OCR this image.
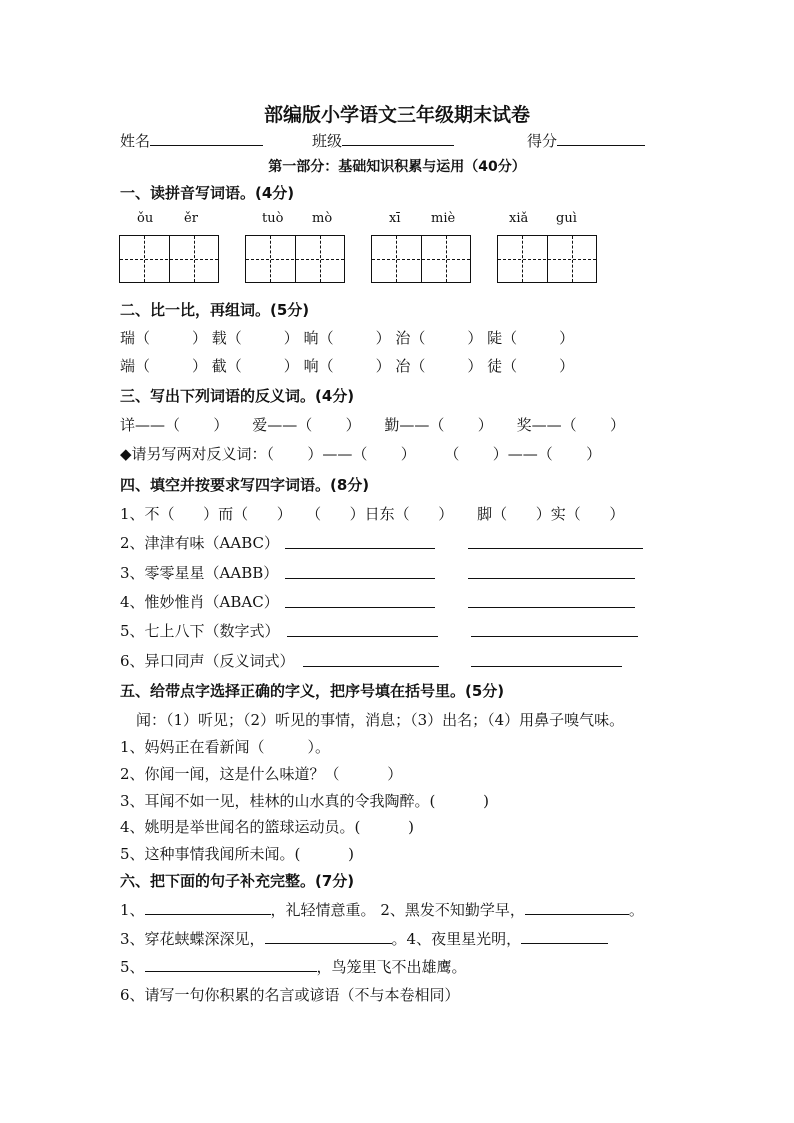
部编版小学语文三年级期末试卷
姓名	班级	得分
第一部分：基础知识积累与运用（40分）
一、读拼音写词语。(4分)
ǒu ěr	tuò mò	xī miè	xiǎ guì
二、比一比，再组词。(5分)
瑞（	） 载（	） 晌（	） 治（	） 陡（	）
端（	） 截（	） 响（	） 冶（	） 徒（	）
三、写出下列词语的反义词。(4分)
详——（       ）     爱——（       ）     勤——（       ）     奖——（       ）
◆请另写两对反义词：（       ）——（       ）      （       ）——（       ）
四、填空并按要求写四字词语。(8分)
1、不（      ）而（      ）   （      ）日东（      ）     脚（      ）实（      ）
2、津津有味（AABC）
3、零零星星（AABB）
4、惟妙惟肖（ABAC）
5、七上八下（数字式）
6、异口同声（反义词式）
五、给带点字选择正确的字义，把序号填在括号里。(5分)
闻：（1）听见；（2）听见的事情，消息；（3）出名；（4）用鼻子嗅气味。
1、妈妈正在看新闻（         ）。
2、你闻一闻，这是什么味道？（          ）
3、耳闻不如一见，桂林的山水真的令我陶醉。(          )
4、姚明是举世闻名的篮球运动员。(          )
5、这种事情我闻所未闻。(          )
六、把下面的句子补充完整。(7分)
1、	，礼轻情意重。 2、黑发不知勤学早，	。
3、穿花蛱蝶深深见，	。4、夜里星光明，
5、	，鸟笼里飞不出雄鹰。
6、请写一句你积累的名言或谚语（不与本卷相同）
